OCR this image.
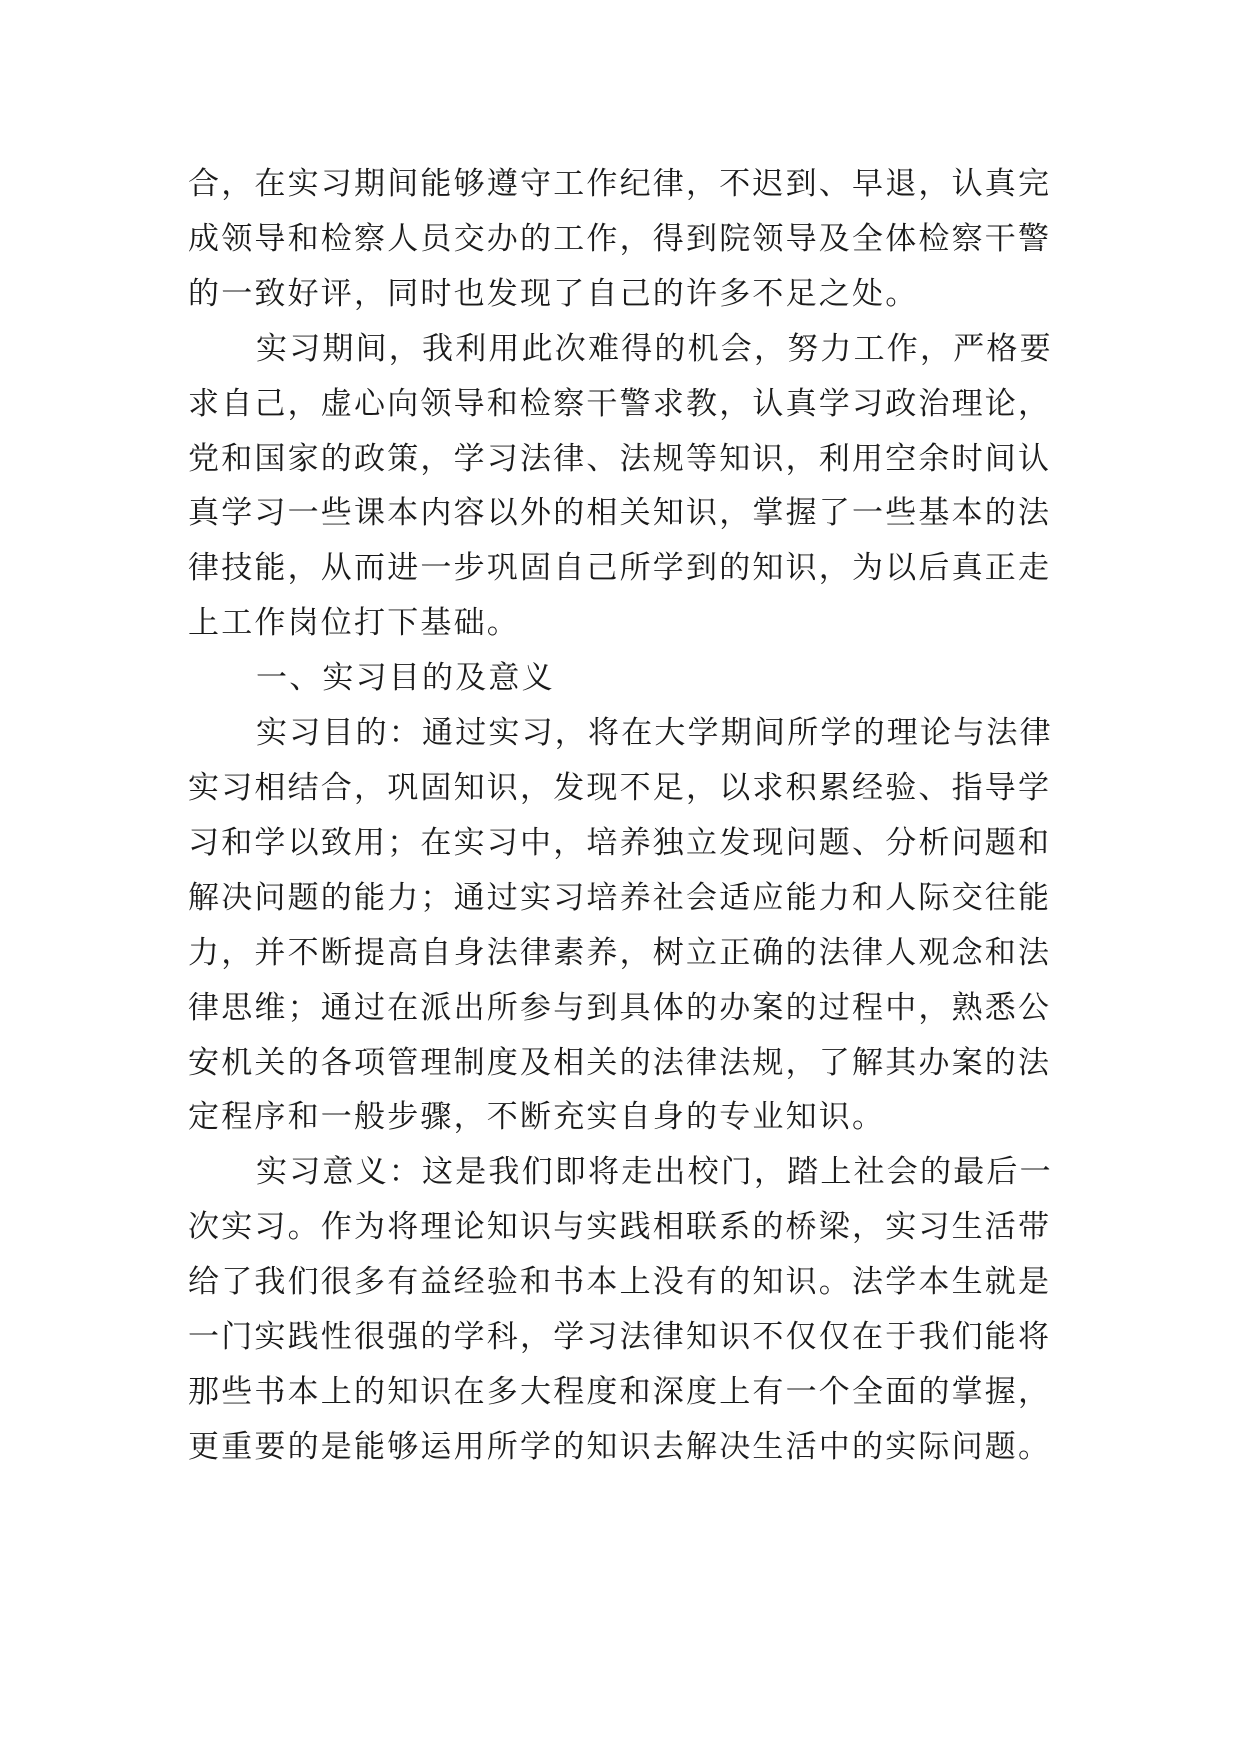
合，在实习期间能够遵守工作纪律，不迟到、早退，认真完
成领导和检察人员交办的工作，得到院领导及全体检察干警
的一致好评，同时也发现了自己的许多不足之处。
实习期间，我利用此次难得的机会，努力工作，严格要
求自己，虚心向领导和检察干警求教，认真学习政治理论，
党和国家的政策，学习法律、法规等知识，利用空余时间认
真学习一些课本内容以外的相关知识，掌握了一些基本的法
律技能，从而进一步巩固自己所学到的知识，为以后真正走
上工作岗位打下基础。
一、实习目的及意义
实习目的：通过实习，将在大学期间所学的理论与法律
实习相结合，巩固知识，发现不足，以求积累经验、指导学
习和学以致用；在实习中，培养独立发现问题、分析问题和
解决问题的能力；通过实习培养社会适应能力和人际交往能
力，并不断提高自身法律素养，树立正确的法律人观念和法
律思维；通过在派出所参与到具体的办案的过程中，熟悉公
安机关的各项管理制度及相关的法律法规，了解其办案的法
定程序和一般步骤，不断充实自身的专业知识。
实习意义：这是我们即将走出校门，踏上社会的最后一
次实习。作为将理论知识与实践相联系的桥梁，实习生活带
给了我们很多有益经验和书本上没有的知识。法学本生就是
一门实践性很强的学科，学习法律知识不仅仅在于我们能将
那些书本上的知识在多大程度和深度上有一个全面的掌握，
更重要的是能够运用所学的知识去解决生活中的实际问题。
